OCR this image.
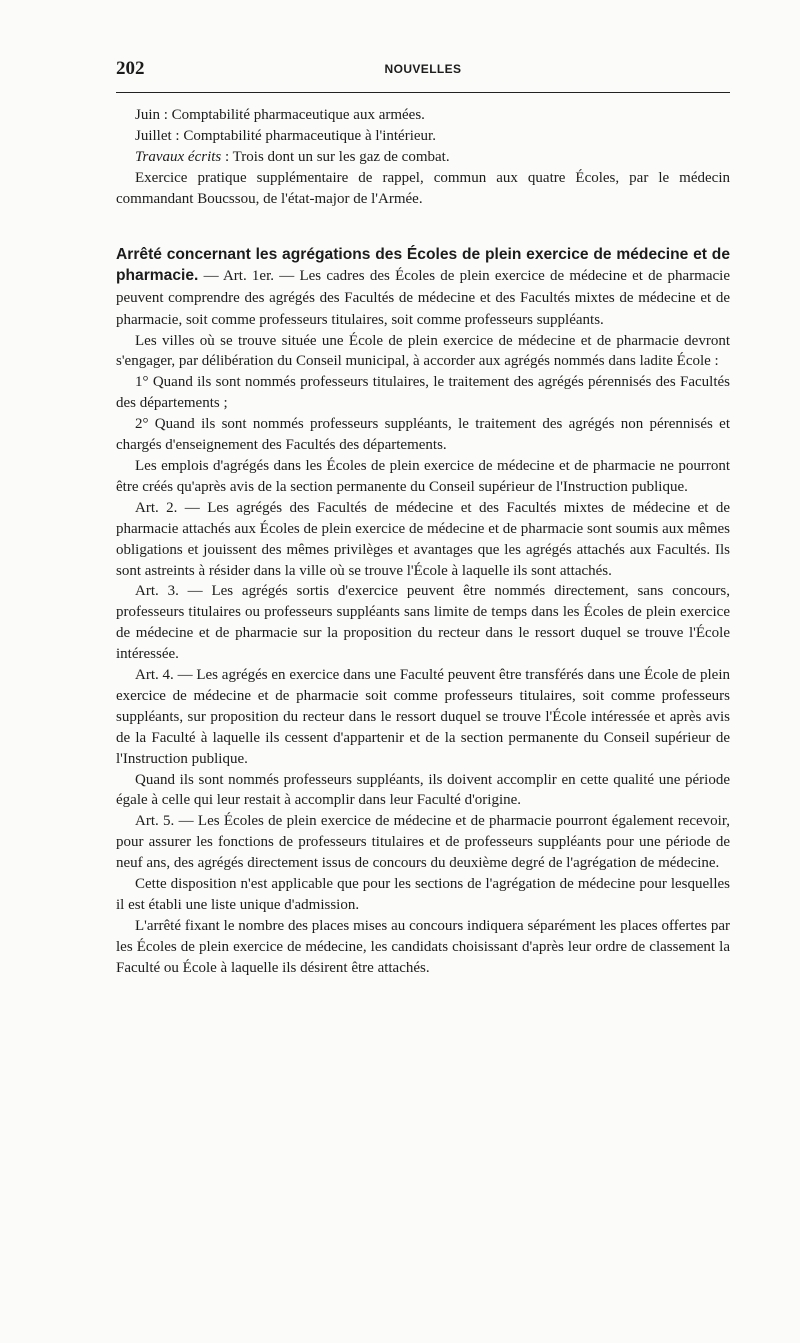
202	NOUVELLES

Juin : Comptabilité pharmaceutique aux armées.

Juillet : Comptabilité pharmaceutique à l'intérieur.

Travaux écrits : Trois dont un sur les gaz de combat.

Exercice pratique supplémentaire de rappel, commun aux quatre Écoles, par le médecin commandant Boucssou, de l'état-major de l'Armée.

Arrêté concernant les agrégations des Écoles de plein exercice de médecine et de pharmacie. — Art. 1er. — Les cadres des Écoles de plein exercice de médecine et de pharmacie peuvent comprendre des agrégés des Facultés de médecine et des Facultés mixtes de médecine et de pharmacie, soit comme professeurs titulaires, soit comme professeurs suppléants.

Les villes où se trouve située une École de plein exercice de médecine et de pharmacie devront s'engager, par délibération du Conseil municipal, à accorder aux agrégés nommés dans ladite École :

1° Quand ils sont nommés professeurs titulaires, le traitement des agrégés pérennisés des Facultés des départements ;

2° Quand ils sont nommés professeurs suppléants, le traitement des agrégés non pérennisés et chargés d'enseignement des Facultés des départements.

Les emplois d'agrégés dans les Écoles de plein exercice de médecine et de pharmacie ne pourront être créés qu'après avis de la section permanente du Conseil supérieur de l'Instruction publique.

Art. 2. — Les agrégés des Facultés de médecine et des Facultés mixtes de médecine et de pharmacie attachés aux Écoles de plein exercice de médecine et de pharmacie sont soumis aux mêmes obligations et jouissent des mêmes privilèges et avantages que les agrégés attachés aux Facultés. Ils sont astreints à résider dans la ville où se trouve l'École à laquelle ils sont attachés.

Art. 3. — Les agrégés sortis d'exercice peuvent être nommés directement, sans concours, professeurs titulaires ou professeurs suppléants sans limite de temps dans les Écoles de plein exercice de médecine et de pharmacie sur la proposition du recteur dans le ressort duquel se trouve l'École intéressée.

Art. 4. — Les agrégés en exercice dans une Faculté peuvent être transférés dans une École de plein exercice de médecine et de pharmacie soit comme professeurs titulaires, soit comme professeurs suppléants, sur proposition du recteur dans le ressort duquel se trouve l'École intéressée et après avis de la Faculté à laquelle ils cessent d'appartenir et de la section permanente du Conseil supérieur de l'Instruction publique.

Quand ils sont nommés professeurs suppléants, ils doivent accomplir en cette qualité une période égale à celle qui leur restait à accomplir dans leur Faculté d'origine.

Art. 5. — Les Écoles de plein exercice de médecine et de pharmacie pourront également recevoir, pour assurer les fonctions de professeurs titulaires et de professeurs suppléants pour une période de neuf ans, des agrégés directement issus de concours du deuxième degré de l'agrégation de médecine.

Cette disposition n'est applicable que pour les sections de l'agrégation de médecine pour lesquelles il est établi une liste unique d'admission.

L'arrêté fixant le nombre des places mises au concours indiquera séparément les places offertes par les Écoles de plein exercice de médecine, les candidats choisissant d'après leur ordre de classement la Faculté ou École à laquelle ils désirent être attachés.
